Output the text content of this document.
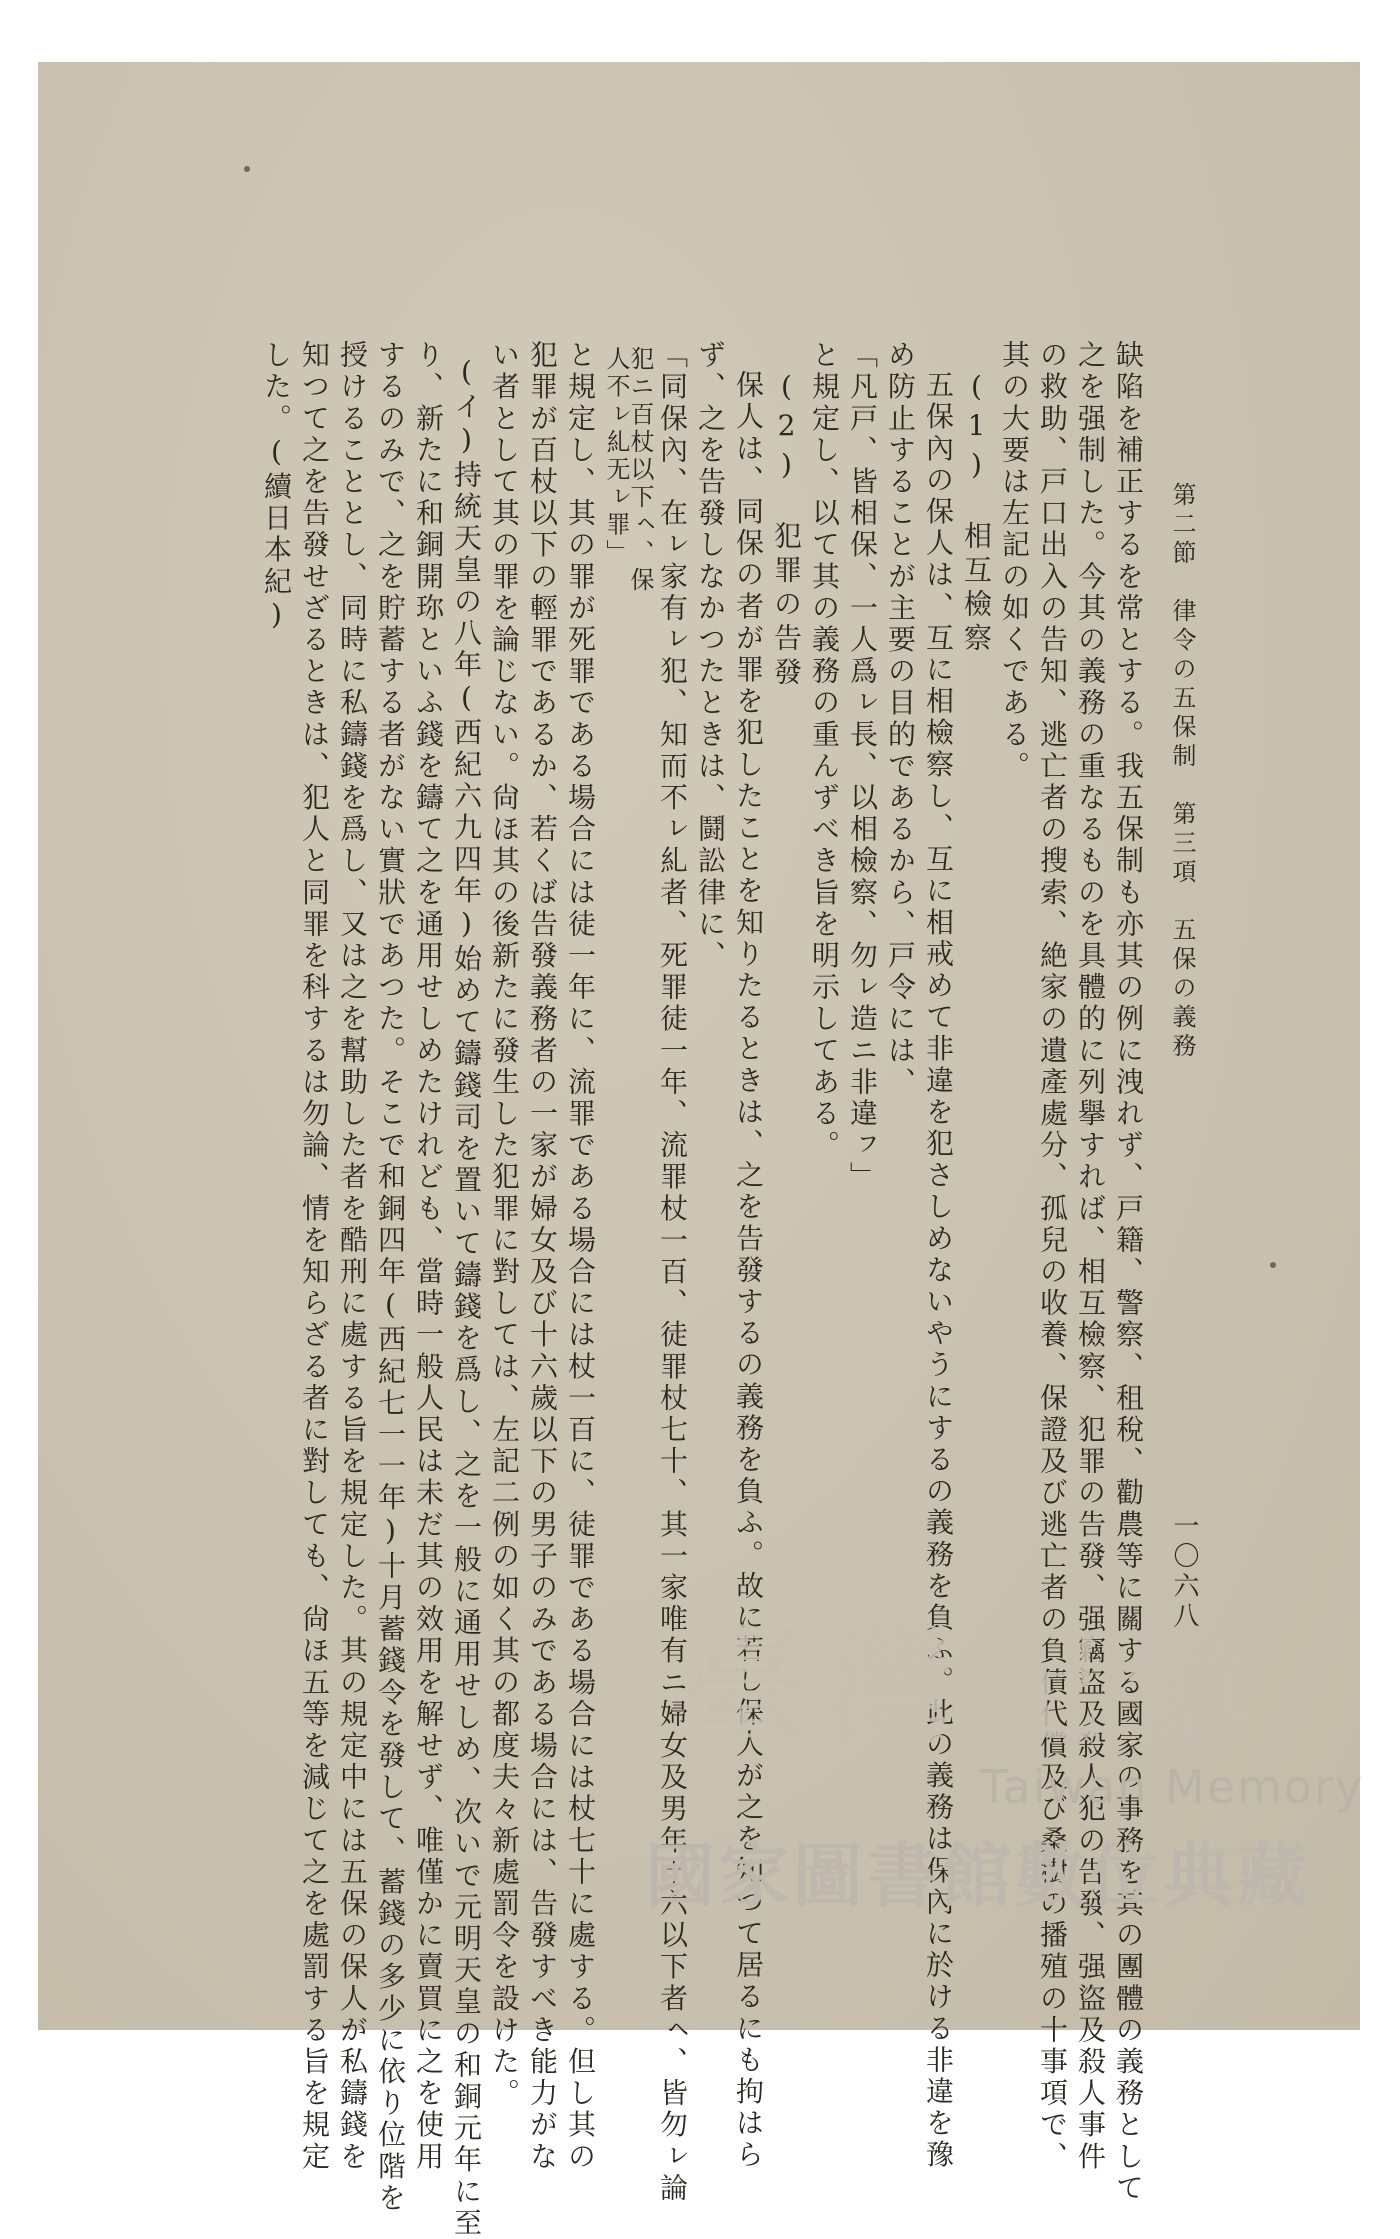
第二節　律令の五保制　第三項　五保の義務
一〇六八
缺陷を補正するを常とする。我五保制も亦其の例に洩れず、戸籍、警察、租稅、勸農等に關する國家の事務を其の團體の義務として
之を强制した。今其の義務の重なるものを具體的に列擧すれば、相互檢察、犯罪の告發、强竊盜及殺人犯の告發、强盜及殺人事件
の救助、戸口出入の告知、逃亡者の搜索、絶家の遺產處分、孤兒の收養、保證及び逃亡者の負債代償及び桑樹の播殖の十事項で、
其の大要は左記の如くである。
(1)　相互檢察
五保內の保人は、互に相檢察し、互に相戒めて非違を犯さしめないやうにするの義務を負ふ。此の義務は保內に於ける非違を豫
め防止することが主要の目的であるから、戸令には、
「凡戸、皆相保、一人爲ㇾ長、以相檢察、勿ㇾ造ニ非違ㇷ」
と規定し、以て其の義務の重んずべき旨を明示してある。
(2)　犯罪の告發
保人は、同保の者が罪を犯したことを知りたるときは、之を告發するの義務を負ふ。故に若し保人が之を知つて居るにも拘はら
ず、之を告發しなかつたときは、鬪訟律に、
「同保內、在ㇾ家有ㇾ犯、知而不ㇾ糺者、死罪徒一年、流罪杖一百、徒罪杖七十、其一家唯有ニ婦女及男年十六以下者ㇸ、皆勿ㇾ論
犯ニ百杖以下ㇸ、保
人不ㇾ糺无ㇾ罪」
と規定し、其の罪が死罪である場合には徒一年に、流罪である場合には杖一百に、徒罪である場合には杖七十に處する。但し其の
犯罪が百杖以下の輕罪であるか、若くば告發義務者の一家が婦女及び十六歲以下の男子のみである場合には、告發すべき能力がな
い者として其の罪を論じない。尙ほ其の後新たに發生した犯罪に對しては、左記二例の如く其の都度夫々新處罰令を設けた。
(イ)持統天皇の八年(西紀六九四年)始めて鑄錢司を置いて鑄錢を爲し、之を一般に通用せしめ、次いで元明天皇の和銅元年に至
り、新たに和銅開珎といふ錢を鑄て之を通用せしめたけれども、當時一般人民は未だ其の效用を解せず、唯僅かに賣買に之を使用
するのみで、之を貯蓄する者がない實狀であつた。そこで和銅四年(西紀七一一年)十月蓄錢令を發して、蓄錢の多少に依り位階を
授けることとし、同時に私鑄錢を爲し、又は之を幫助した者を酷刑に處する旨を規定した。其の規定中には五保の保人が私鑄錢を
知つて之を告發せざるときは、犯人と同罪を科するは勿論、情を知らざる者に對しても、尙ほ五等を減じて之を處罰する旨を規定
した。(續日本紀)
臺灣記憶
Taiwan Memory
國家圖書館數位典藏
